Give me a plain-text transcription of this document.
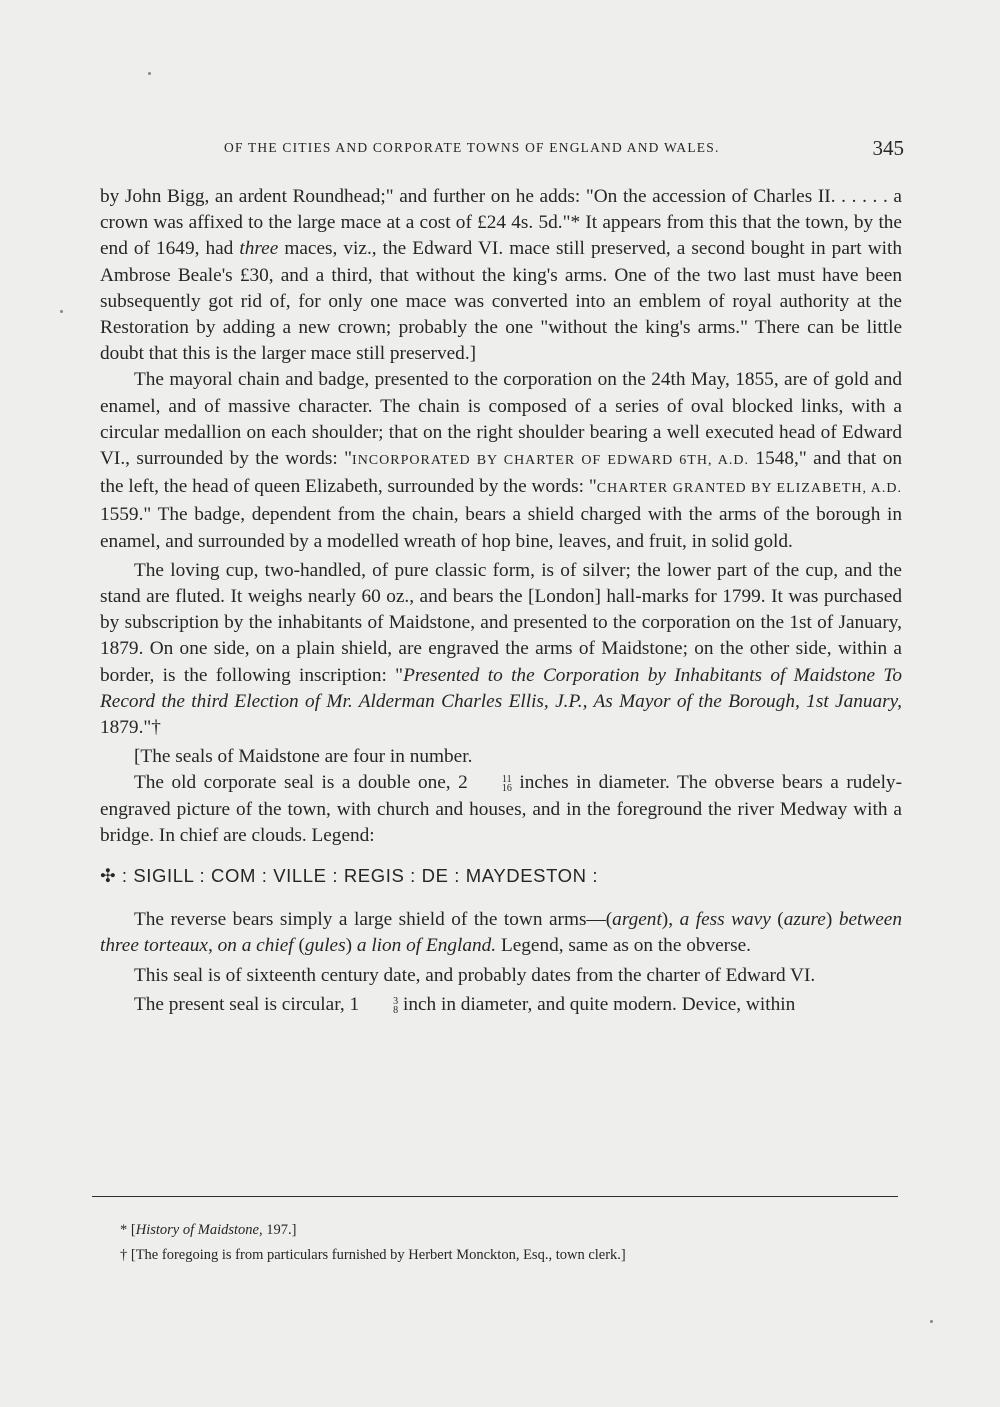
OF THE CITIES AND CORPORATE TOWNS OF ENGLAND AND WALES.	345

by John Bigg, an ardent Roundhead;" and further on he adds: "On the accession of Charles II. . . . . . a crown was affixed to the large mace at a cost of £24 4s. 5d."* It appears from this that the town, by the end of 1649, had three maces, viz., the Edward VI. mace still preserved, a second bought in part with Ambrose Beale's £30, and a third, that without the king's arms. One of the two last must have been subsequently got rid of, for only one mace was converted into an emblem of royal authority at the Restoration by adding a new crown; probably the one "without the king's arms." There can be little doubt that this is the larger mace still preserved.]

The mayoral chain and badge, presented to the corporation on the 24th May, 1855, are of gold and enamel, and of massive character. The chain is composed of a series of oval blocked links, with a circular medallion on each shoulder; that on the right shoulder bearing a well executed head of Edward VI., surrounded by the words: "INCORPORATED BY CHARTER OF EDWARD 6TH, A.D. 1548," and that on the left, the head of queen Elizabeth, surrounded by the words: "CHARTER GRANTED BY ELIZABETH, A.D. 1559." The badge, dependent from the chain, bears a shield charged with the arms of the borough in enamel, and surrounded by a modelled wreath of hop bine, leaves, and fruit, in solid gold.

The loving cup, two-handled, of pure classic form, is of silver; the lower part of the cup, and the stand are fluted. It weighs nearly 60 oz., and bears the [London] hall-marks for 1799. It was purchased by subscription by the inhabitants of Maidstone, and presented to the corporation on the 1st of January, 1879. On one side, on a plain shield, are engraved the arms of Maidstone; on the other side, within a border, is the following inscription: "Presented to the Corporation by Inhabitants of Maidstone To Record the third Election of Mr. Alderman Charles Ellis, J.P., As Mayor of the Borough, 1st January, 1879."†

[The seals of Maidstone are four in number.

The old corporate seal is a double one, 2	11
16 inches in diameter. The obverse bears a rudely-engraved picture of the town, with church and houses, and in the foreground the river Medway with a bridge. In chief are clouds. Legend:

✣ : SIGILL : COM : VILLE : REGIS : DE : MAYDESTON :

The reverse bears simply a large shield of the town arms—(argent), a fess wavy (azure) between three torteaux, on a chief (gules) a lion of England. Legend, same as on the obverse.

This seal is of sixteenth century date, and probably dates from the charter of Edward VI.

The present seal is circular, 1	3
8 inch in diameter, and quite modern. Device, within

* [History of Maidstone, 197.]

† [The foregoing is from particulars furnished by Herbert Monckton, Esq., town clerk.]
